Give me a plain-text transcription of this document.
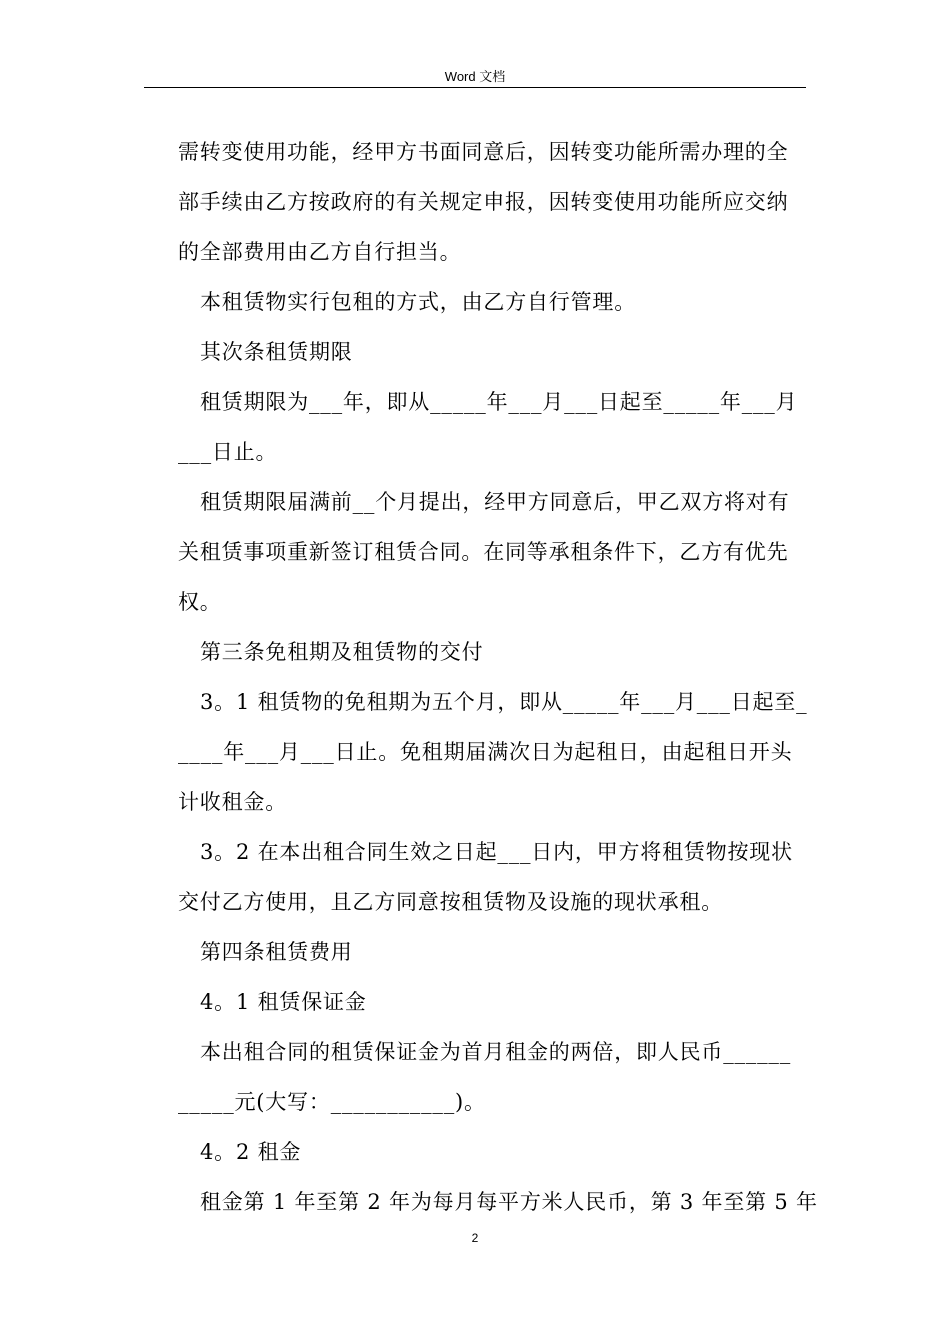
Word 文档
需转变使用功能，经甲方书面同意后，因转变功能所需办理的全
部手续由乙方按政府的有关规定申报，因转变使用功能所应交纳
的全部费用由乙方自行担当。
本租赁物实行包租的方式，由乙方自行管理。
其次条租赁期限
租赁期限为___年，即从_____年___月___日起至_____年___月
___日止。
租赁期限届满前__个月提出，经甲方同意后，甲乙双方将对有
关租赁事项重新签订租赁合同。在同等承租条件下，乙方有优先
权。
第三条免租期及租赁物的交付
3。1 租赁物的免租期为五个月，即从_____年___月___日起至_
____年___月___日止。免租期届满次日为起租日，由起租日开头
计收租金。
3。2 在本出租合同生效之日起___日内，甲方将租赁物按现状
交付乙方使用，且乙方同意按租赁物及设施的现状承租。
第四条租赁费用
4。1 租赁保证金
本出租合同的租赁保证金为首月租金的两倍，即人民币______
_____元(大写：___________)。
4。2 租金
租金第 1 年至第 2 年为每月每平方米人民币，第 3 年至第 5 年
2
